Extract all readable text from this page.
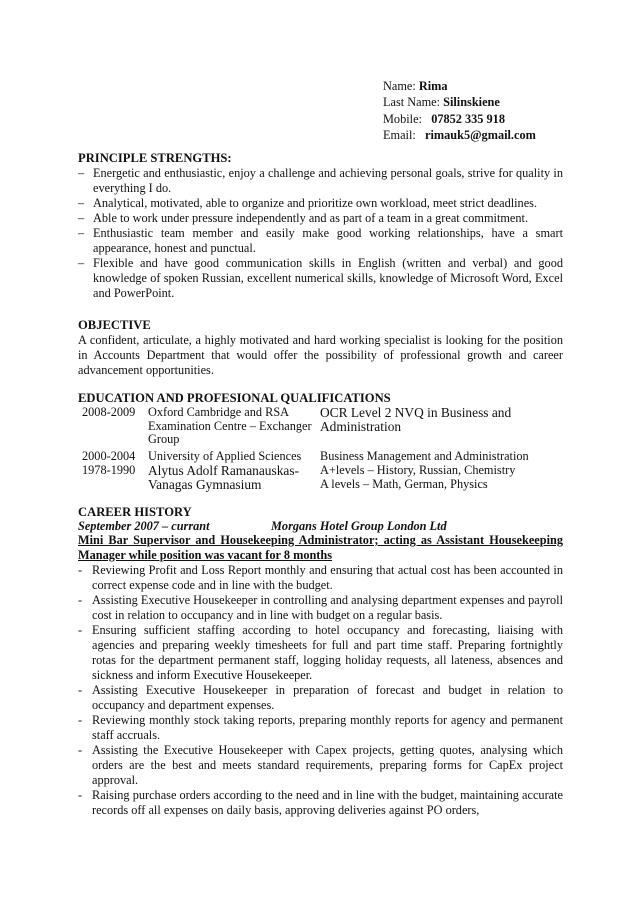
Name: Rima
Last Name: Silinskiene
Mobile: 07852 335 918
Email: rimauk5@gmail.com
PRINCIPLE STRENGTHS:
– Energetic and enthusiastic, enjoy a challenge and achieving personal goals, strive for quality in everything I do.
– Analytical, motivated, able to organize and prioritize own workload, meet strict deadlines.
– Able to work under pressure independently and as part of a team in a great commitment.
– Enthusiastic team member and easily make good working relationships, have a smart appearance, honest and punctual.
– Flexible and have good communication skills in English (written and verbal) and good knowledge of spoken Russian, excellent numerical skills, knowledge of Microsoft Word, Excel and PowerPoint.
OBJECTIVE

A confident, articulate, a highly motivated and hard working specialist is looking for the position in Accounts Department that would offer the possibility of professional growth and career advancement opportunities.

EDUCATION AND PROFESIONAL QUALIFICATIONS
2008-2009	Oxford Cambridge and RSA Examination Centre – Exchanger Group	OCR Level 2 NVQ in Business and Administration
2000-2004	University of Applied Sciences	Business Management and Administration
1978-1990	Alytus Adolf Ramanauskas-Vanagas Gymnasium	A+levels – History, Russian, Chemistry
A levels – Math, German, Physics
CAREER HISTORY
September 2007 – currant	Morgans Hotel Group London Ltd
Mini Bar Supervisor and Housekeeping Administrator; acting as Assistant Housekeeping Manager while position was vacant for 8 months
- Reviewing Profit and Loss Report monthly and ensuring that actual cost has been accounted in correct expense code and in line with the budget.
- Assisting Executive Housekeeper in controlling and analysing department expenses and payroll cost in relation to occupancy and in line with budget on a regular basis.
- Ensuring sufficient staffing according to hotel occupancy and forecasting, liaising with agencies and preparing weekly timesheets for full and part time staff. Preparing fortnightly rotas for the department permanent staff, logging holiday requests, all lateness, absences and sickness and inform Executive Housekeeper.
- Assisting Executive Housekeeper in preparation of forecast and budget in relation to occupancy and department expenses.
- Reviewing monthly stock taking reports, preparing monthly reports for agency and permanent staff accruals.
- Assisting the Executive Housekeeper with Capex projects, getting quotes, analysing which orders are the best and meets standard requirements, preparing forms for CapEx project approval.
- Raising purchase orders according to the need and in line with the budget, maintaining accurate records off all expenses on daily basis, approving deliveries against PO orders,
